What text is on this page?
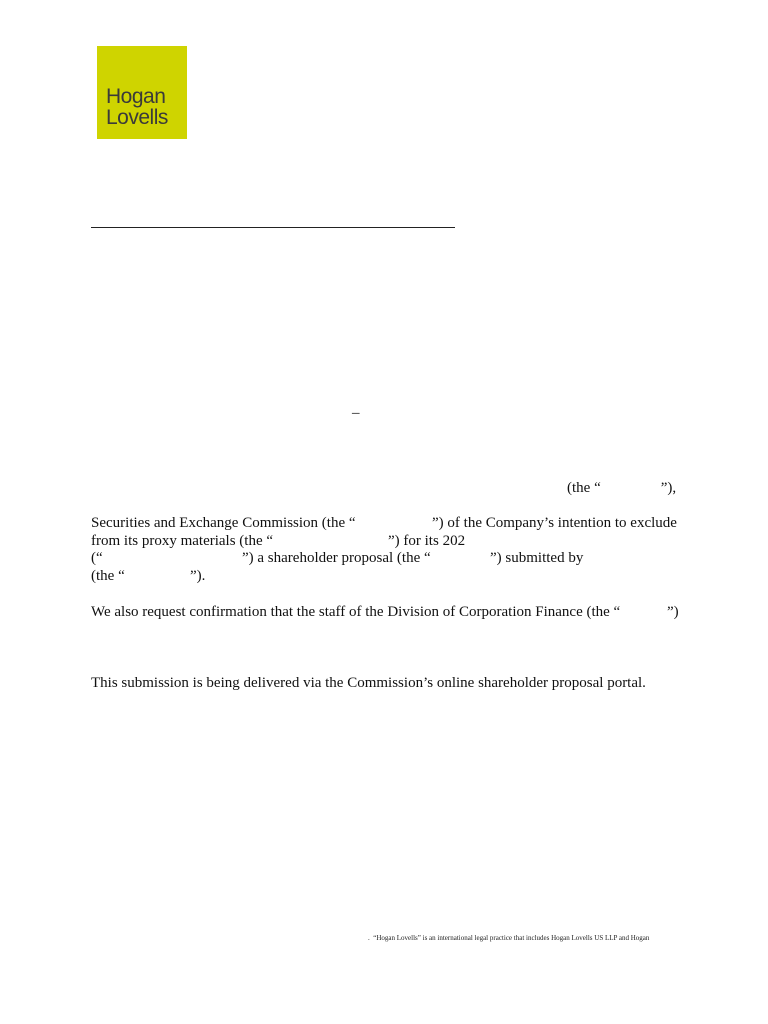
Hogan
Lovells
–
(the “                ”),
Securities and Exchange Commission (the “	”) of the Company’s intention to exclude
from its proxy materials (the “	”) for its 202
(“	”) a shareholder proposal (the “	”) submitted by
(the “	”).
We also request confirmation that the staff of the Division of Corporation Finance (the “	”)
This submission is being delivered via the Commission’s online shareholder proposal portal.
.  “Hogan Lovells” is an international legal practice that includes Hogan Lovells US LLP and Hogan
